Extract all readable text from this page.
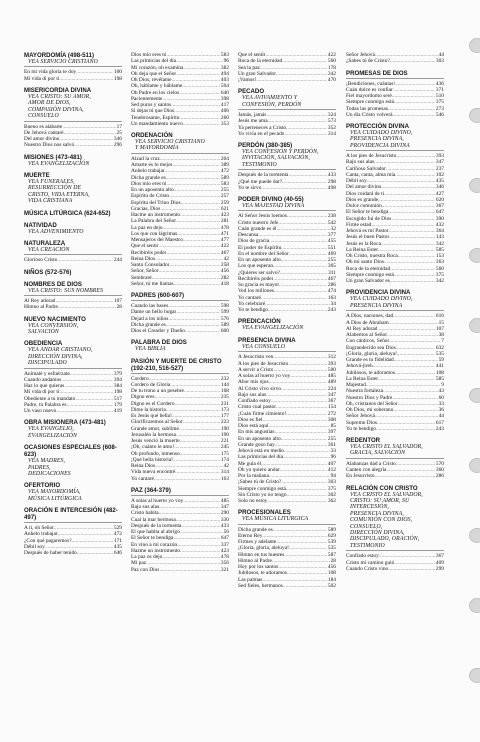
MAYORDOMÍA (498-511)
VEA SERVICIO CRISTIANO
En mi vida gloria te doy .....	100
Mi vida di por ti .....	198
MISERICORDIA DIVINA
VEA CRISTO: SU AMOR,
AMOR DE DIOS,
COMPASIÓN DIVINA,
CONSUELO
Bueno es alabarte .....	17
De Jehová cantaré .....	25
Del amor divino .....	346
Nuestro Dios nos salvó .....	296
MISIONES (473-481)
VEA EVANGELIZACIÓN
MUERTE
VEA FUNERALES,
RESURRECCIÓN DE
CRISTO, VIDA ETERNA,
VIDA CRISTIANA
MÚSICA LITÚRGICA (624-652)
NATIVIDAD
VEA ADVENIMIENTO
NATURALEZA
VEA CREACIÓN
Glorioso Cristo .....	244
NIÑOS (572-576)
NOMBRES DE DIOS
VEA CRISTO: SUS NOMBRES
Al Rey adorad .....	107
Himno al Padre .....	28
NUEVO NACIMIENTO
VEA CONVERSIÓN,
SALVACIÓN
OBEDIENCIA
VEA ANDAR CRISTIANO,
DIRECCIÓN DIVINA,
DISCIPULADO
Animaté y esfuérzate .....	379
Cuando andamos .....	394
Haz lo que quieras .....	384
Mi vida di por ti .....	198
Obediente a tu mandato .....	517
Padre, tu Palabra es .....	179
Un vaso nuevo .....	419
OBRA MISIONERA (473-481)
VEA EVANGELIO,
EVANGELIZACIÓN
OCASIONES ESPECIALES (608-623)
VEA MADRES,
PADRES,
DEDICACIONES
OFERTORIO
VEA MAYORDOMÍA,
MÚSICA LITÚRGICA
ORACIÓN E INTERCESIÓN (482-497)
A ti, oh Señor .....	529
Anhelo trabajar .....	472
¿Con qué pagaremos? .....	171
Débil soy .....	435
Después de haber tenido .....	646
Dios mío eres tú .....	583
Las primicias del día .....	96
Mi corazón, oh examina .....	382
Oh deja que el Señor .....	494
Oh Dios, revélame .....	403
Oh, háblame y háblame .....	504
Oh Padre en los cielos .....	640
Pacientemente .....	398
Sed puros y santos .....	417
Si dejas tú que Dios .....	406
Tenebrosame, Espíritu .....	260
Un mandamiento nuevo .....	353
ORDENACIÓN
VEA SERVICIO CRISTIANO
Y MAYORDOMÍA
Alzad la cruz .....	204
Amarte es lo mejor .....	389
Anhelo trabajar .....	472
Dicha grande es .....	589
Dios mío eres tú .....	583
En un aposento alto .....	255
Espíritu de Cristo .....	257
Espíritu del Trino Dios .....	259
Gracias, Dios .....	621
Hacme un instrumento .....	423
La Palabra del Señor .....	281
La paz en dejo .....	478
Los que con lágrimas .....	471
Mensajeros del Maestro .....	477
Que el sentir .....	422
Recibiréis poder .....	467
Reina Dios .....	42
Santo Consolador .....	258
Señor, Señor .....	456
Sembraré .....	282
Señor, tú me llamas .....	418
PADRES (600-607)
Cuando las bases .....	598
Dame un hello hogar .....	599
Dejad a los niños .....	576
Dicha grande es .....	589
Dios el Creador y Dueño .....	600
PALABRA DE DIOS
VEA BIBLIA
PASIÓN Y MUERTE DE CRISTO (192-210, 516-527)
Cordero .....	232
Cordero de Gloria .....	144
De tu trono a un pesebre .....	168
Digno eres .....	235
Digno es el Cordero .....	231
Dime la historia .....	173
Es Jesús qué bella! .....	177
Glorificaremos al Señor .....	223
Grande amor, sublime .....	190
Jerusalén la hermosa .....	190
Jesús venció la muerte .....	221
¡Oh, cuánto le amo! .....	245
Oh profundo, inmenso .....	175
¡Qué bella historia! .....	174
Reina Dios .....	42
Vida nueva encontré .....	314
Yo cantaré .....	163
PAZ (364-379)
A solas al huerto yo voy .....	485
Bajo sus alas .....	347
Cristo habita .....	290
Cual la mar hermosa .....	330
Después de la tormenta .....	433
El que habita al abrigo .....	56
El Señor te bendiga .....	647
En vino a mi corazón .....	337
Hazme un instrumento .....	423
La paz os dejo .....	478
Mi paz .....	356
Paz con Dios .....	321
Que el sentir .....	422
Roca de la eternidad .....	560
Sea la paz .....	178
Un gran Salvador .....	342
¡Vamos! .....	470
PECADO
VEA AVIVAMIENTO Y
CONFESIÓN, PERDÓN
Jamás, jamás .....	324
Jesús me ama .....	573
Ya perteneces a Cristo .....	352
Yo vivía en el pecado .....	314
PERDÓN (380-385)
VEA CONFESIÓN Y PERDÓN,
INVITACIÓN, SALVACIÓN,
TESTIMONIO
Después de la tormenta .....	433
¿Qué me puede dar? .....	298
Yo te sirvo .....	498
PODER DIVINO (40-55)
VEA MAJESTAD DIVINA
Al Señor Jesús loemos .....	238
Cristo nuestro Jefe .....	542
Cuán grande es él .....	32
Descansa .....	377
Dios de gracia .....	455
El poder de Espíritu .....	551
En el nombre del Señor .....	469
En un aposento alto .....	255
Los que esperan .....	365
¿Quieres ser salvo? .....	311
Recibiréis poder .....	467
Su gracia es mayor .....	286
Ved los millones .....	474
Yo cantaré .....	163
Yo celebraré .....	34
Yo te bendigo .....	243
PREDICACIÓN
VEA EVANGELIZACIÓN
PRESENCIA DIVINA
VEA CONSUELO
A Jesucristo ven .....	312
A los pies de Jesucristo .....	393
A servir a Cristo .....	500
A solas al huerto yo voy .....	485
Ahor mis ojos .....	489
Al Cristo vivo sirvo .....	224
Bajo sus alas .....	347
Confiado estoy .....	367
Cristo cual pastor .....	154
¡Cuán firme cimiento! .....	272
Dios es fiel .....	308
Dios está aquí .....	85
En mis angustias .....	397
En un aposento alto .....	255
Grande gozo hay .....	361
Jehová está en medio .....	33
Las primicias del día .....	96
Me guía él .....	407
Oh yo quiero andar .....	412
Por la mañana .....	94
¡Sabes tú de Cristo? .....	303
Siempre conmigo está .....	375
Sin Cristo yo no tengo .....	302
Solo no estoy .....	362
PROCESIONALES
VEA MÚSICA LITÚRGICA
Dicha grande es .....	589
Eterno Rey .....	629
Firmes y adelante .....	539
¡Gloria, gloria, aleluya! .....	535
Himno en tus huestes .....	587
Himno al Padre .....	28
Hoy por los santos .....	456
Jubilosos, te adoramos .....	108
Las palmas .....	184
Sed fieles, hermanos .....	502
Señor Jehová .....	44
¿Sabes tú de Cristo? .....	303
PROMESAS DE DIOS
¡Bendiciones, cuántas! .....	436
Cuán dulce es confiar .....	371
Fiel mayordomo seré .....	510
Siempre conmigo está .....	375
Todas las promesas .....	273
Un día Cristo volverá .....	546
PROTECCIÓN DIVINA
VEA CUIDADO DIVINO,
PRESENCIA DIVINA,
PROVIDENCIA DIVINA
A los pies de Jesucristo .....	393
Bajo sus alas .....	347
Cariñoso Salvador .....	237
Canta, canta, alma mía .....	102
Débil soy .....	435
Del amor divino .....	346
Dios cuidará de ti .....	427
Dios es grande .....	620
Dulce comunión .....	367
El Señor te bendiga .....	647
Escogido fui de Dios .....	390
Firme estad .....	432
Jehová es mi Pastor .....	364
Jesús el buen Pastor .....	143
Jesús es la Roca .....	342
La Reina Ester .....	585
Oh Cristo, nuestra Roca .....	153
Oh mi santo Dios .....	363
Roca de la eternidad .....	560
Siempre conmigo está .....	375
Un gran Salvador es .....	342
PROVIDENCIA DIVINA
VEA CUIDADO DIVINO,
PRESENCIA DIVINA
A Dios, naciones, dad .....	616
A Dios de Abraham .....	15
Al Rey adorad .....	107
Alabemos al Señor .....	38
Con cánticos, Señor .....	7
Engrandecido sea Dios .....	632
¡Gloria, gloria, aleluya! .....	535
Grande es tu fidelidad .....	59
Jehová-jireh .....	441
Jubilosos, te adoramos .....	108
La Reina Ester .....	585
Majestad .....	9
Nuestra fortaleza .....	43
Nuestro Dios y Padre .....	60
Oh, cristianos del Señor .....	33
Oh Dios, mi soberano .....	36
Señor Jehová .....	44
Supremo Dios .....	617
Yo te bendigo .....	243
REDENTOR
VEA CRISTO EL SALVADOR,
GRACIA, SALVACIÓN
Alabanzas dad a Cristo .....	570
Canten con alegría .....	360
En Jesucristo .....	286
RELACIÓN CON CRISTO
VEA CRISTO EL SALVADOR,
CRISTO: SU AMOR, SU
INTERCESIÓN,
PRESENCIA DIVINA,
COMUNIÓN CON DIOS,
CONSUELO,
DIRECCIÓN DIVINA,
DISCIPULADO, ORACIÓN,
TESTIMONIO
Confiado estoy .....	367
Cristo mi camino guió .....	409
Cuando Cristo vino .....	299
